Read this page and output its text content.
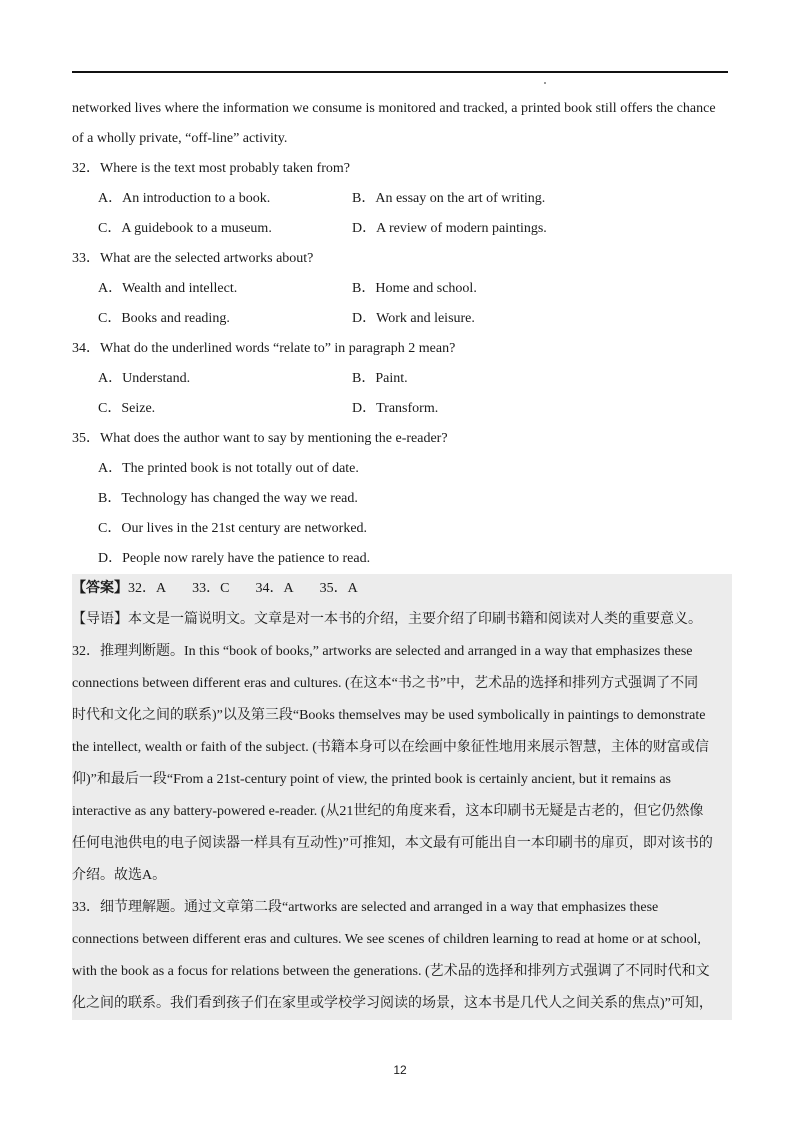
networked lives where the information we consume is monitored and tracked, a printed book still offers the chance
of a wholly private, “off-line” activity.
32．Where is the text most probably taken from?
A．An introduction to a book.	B．An essay on the art of writing.
C．A guidebook to a museum.	D．A review of modern paintings.
33．What are the selected artworks about?
A．Wealth and intellect.	B．Home and school.
C．Books and reading.	D．Work and leisure.
34．What do the underlined words “relate to” in paragraph 2 mean?
A．Understand.	B．Paint.
C．Seize.	D．Transform.
35．What does the author want to say by mentioning the e-reader?
A．The printed book is not totally out of date.
B．Technology has changed the way we read.
C．Our lives in the 21st century are networked.
D．People now rarely have the patience to read.
【答案】32．A 33．C 34．A 35．A
【导语】本文是一篇说明文。文章是对一本书的介绍，主要介绍了印刷书籍和阅读对人类的重要意义。
32．推理判断题。In this “book of books,” artworks are selected and arranged in a way that emphasizes these
connections between different eras and cultures. (在这本“书之书”中，艺术品的选择和排列方式强调了不同
时代和文化之间的联系)”以及第三段“Books themselves may be used symbolically in paintings to demonstrate
the intellect, wealth or faith of the subject. (书籍本身可以在绘画中象征性地用来展示智慧，主体的财富或信
仰)”和最后一段“From a 21st-century point of view, the printed book is certainly ancient, but it remains as
interactive as any battery-powered e-reader. (从21世纪的角度来看，这本印刷书无疑是古老的，但它仍然像
任何电池供电的电子阅读器一样具有互动性)”可推知，本文最有可能出自一本印刷书的扉页，即对该书的
介绍。故选A。
33．细节理解题。通过文章第二段“artworks are selected and arranged in a way that emphasizes these
connections between different eras and cultures. We see scenes of children learning to read at home or at school,
with the book as a focus for relations between the generations. (艺术品的选择和排列方式强调了不同时代和文
化之间的联系。我们看到孩子们在家里或学校学习阅读的场景，这本书是几代人之间关系的焦点)”可知，
12
